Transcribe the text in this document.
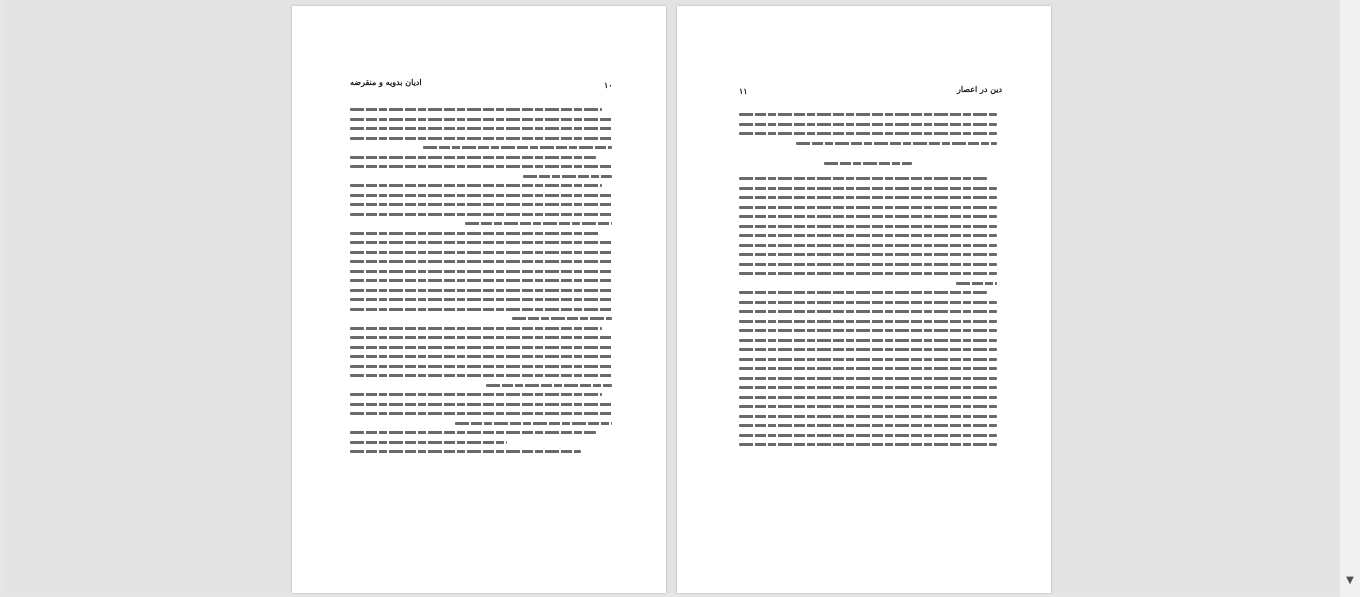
۱۰
ادیان بدویه و منقرضه
۱۱	دین در اعصار
▼
